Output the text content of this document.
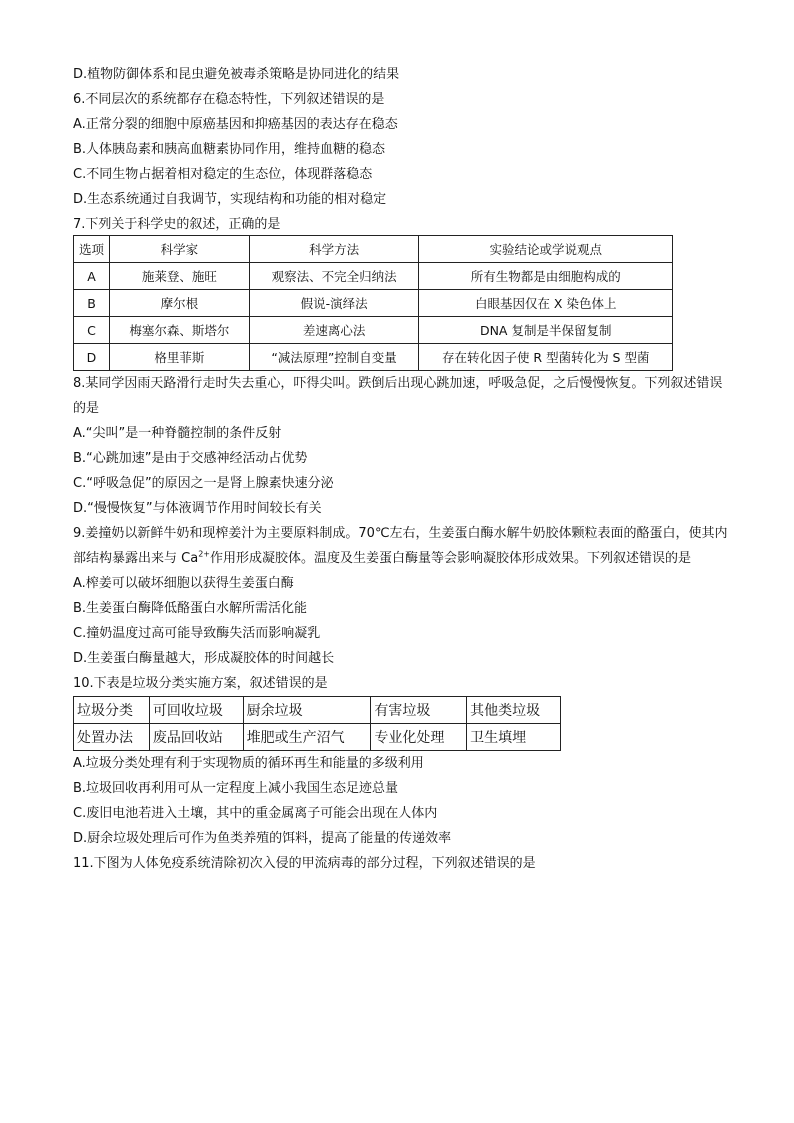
D.植物防御体系和昆虫避免被毒杀策略是协同进化的结果
6.不同层次的系统都存在稳态特性，下列叙述错误的是
A.正常分裂的细胞中原癌基因和抑癌基因的表达存在稳态
B.人体胰岛素和胰高血糖素协同作用，维持血糖的稳态
C.不同生物占据着相对稳定的生态位，体现群落稳态
D.生态系统通过自我调节，实现结构和功能的相对稳定
7.下列关于科学史的叙述，正确的是
选项	科学家	科学方法	实验结论或学说观点
A	施莱登、施旺	观察法、不完全归纳法	所有生物都是由细胞构成的
B	摩尔根	假说-演绎法	白眼基因仅在 X 染色体上
C	梅塞尔森、斯塔尔	差速离心法	DNA 复制是半保留复制
D	格里菲斯	“减法原理”控制自变量	存在转化因子使 R 型菌转化为 S 型菌
8.某同学因雨天路滑行走时失去重心，吓得尖叫。跌倒后出现心跳加速，呼吸急促，之后慢慢恢复。下列叙述错误的是
A.“尖叫”是一种脊髓控制的条件反射
B.“心跳加速”是由于交感神经活动占优势
C.“呼吸急促”的原因之一是肾上腺素快速分泌
D.“慢慢恢复”与体液调节作用时间较长有关
9.姜撞奶以新鲜牛奶和现榨姜汁为主要原料制成。70℃左右，生姜蛋白酶水解牛奶胶体颗粒表面的酪蛋白，使其内部结构暴露出来与 $Ca^{2+}$作用形成凝胶体。温度及生姜蛋白酶量等会影响凝胶体形成效果。下列叙述错误的是
A.榨姜可以破坏细胞以获得生姜蛋白酶
B.生姜蛋白酶降低酪蛋白水解所需活化能
C.撞奶温度过高可能导致酶失活而影响凝乳
D.生姜蛋白酶量越大，形成凝胶体的时间越长
10.下表是垃圾分类实施方案，叙述错误的是
垃圾分类	可回收垃圾	厨余垃圾	有害垃圾	其他类垃圾
处置办法	废品回收站	堆肥或生产沼气	专业化处理	卫生填埋
A.垃圾分类处理有利于实现物质的循环再生和能量的多级利用
B.垃圾回收再利用可从一定程度上减小我国生态足迹总量
C.废旧电池若进入土壤，其中的重金属离子可能会出现在人体内
D.厨余垃圾处理后可作为鱼类养殖的饵料，提高了能量的传递效率
11.下图为人体免疫系统清除初次入侵的甲流病毒的部分过程，下列叙述错误的是
